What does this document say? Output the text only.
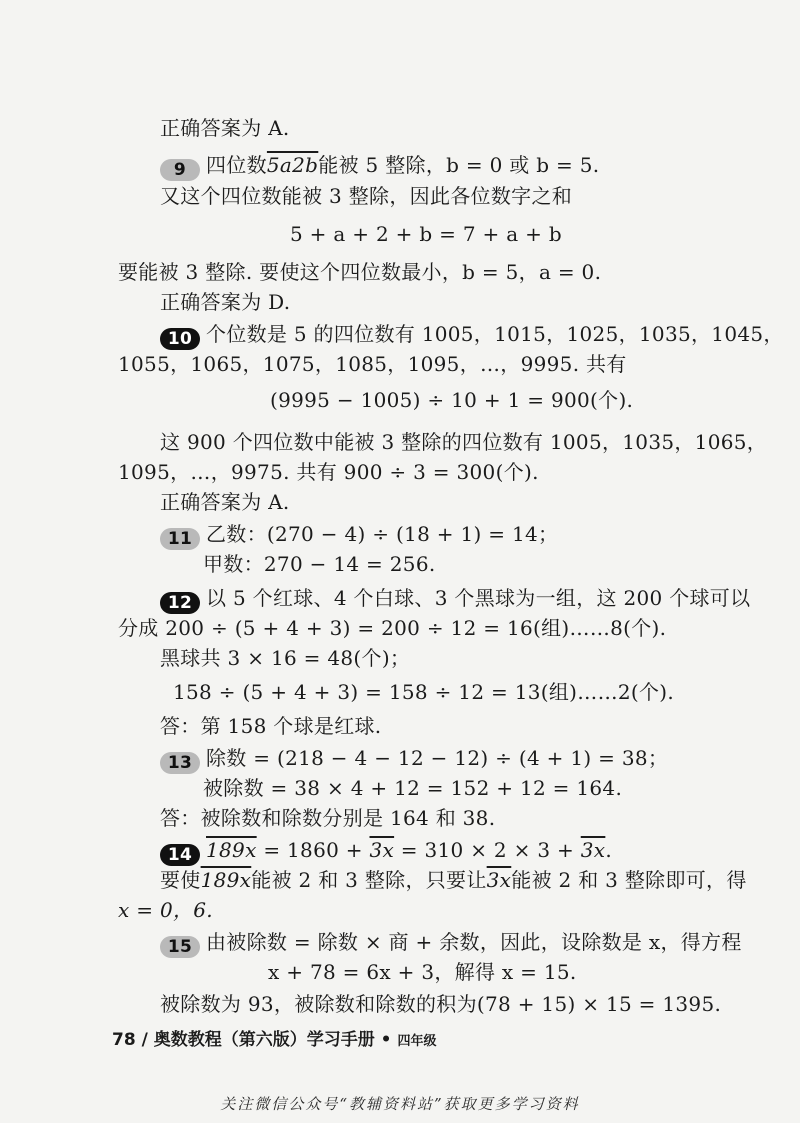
正确答案为 A.
9 四位数5a2b能被 5 整除，b = 0 或 b = 5.
又这个四位数能被 3 整除，因此各位数字之和
5 + a + 2 + b = 7 + a + b
要能被 3 整除. 要使这个四位数最小，b = 5，a = 0.
正确答案为 D.
10 个位数是 5 的四位数有 1005，1015，1025，1035，1045，
1055，1065，1075，1085，1095，…，9995. 共有
(9995 − 1005) ÷ 10 + 1 = 900(个).
这 900 个四位数中能被 3 整除的四位数有 1005，1035，1065，
1095，…，9975. 共有 900 ÷ 3 = 300(个).
正确答案为 A.
11 乙数：(270 − 4) ÷ (18 + 1) = 14；
甲数：270 − 14 = 256.
12 以 5 个红球、4 个白球、3 个黑球为一组，这 200 个球可以
分成 200 ÷ (5 + 4 + 3) = 200 ÷ 12 = 16(组)……8(个).
黑球共 3 × 16 = 48(个)；
158 ÷ (5 + 4 + 3) = 158 ÷ 12 = 13(组)……2(个).
答：第 158 个球是红球.
13 除数 = (218 − 4 − 12 − 12) ÷ (4 + 1) = 38；
被除数 = 38 × 4 + 12 = 152 + 12 = 164.
答：被除数和除数分别是 164 和 38.
14 189x = 1860 + 3x = 310 × 2 × 3 + 3x.
要使189x能被 2 和 3 整除，只要让3x能被 2 和 3 整除即可，得
x = 0，6.
15 由被除数 = 除数 × 商 + 余数，因此，设除数是 x，得方程
x + 78 = 6x + 3，解得 x = 15.
被除数为 93，被除数和除数的积为(78 + 15) × 15 = 1395.
78 / 奥数教程（第六版）学习手册 • 四年级
关注微信公众号“教辅资料站”获取更多学习资料
